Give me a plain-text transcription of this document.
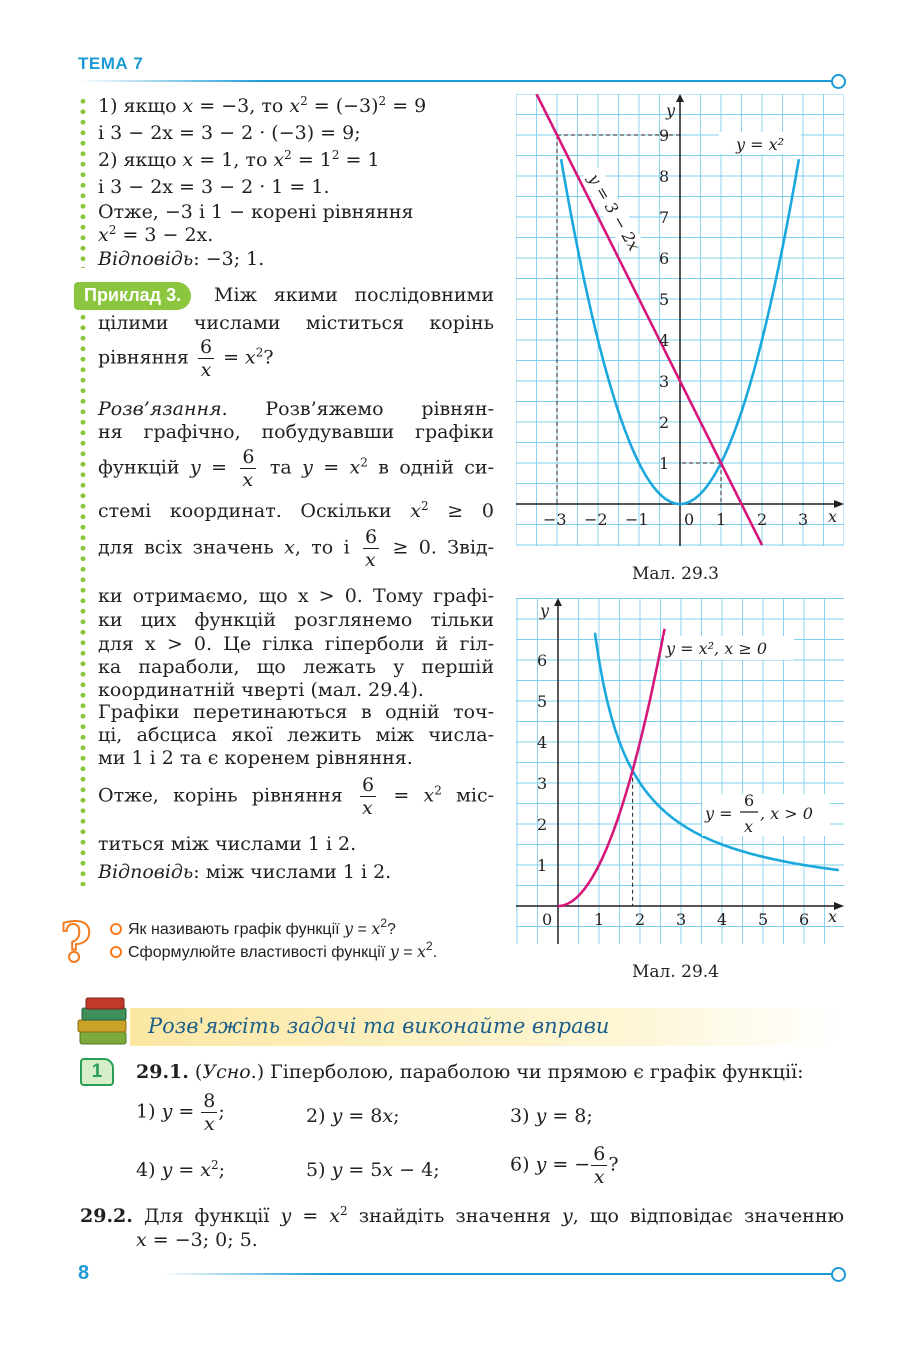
ТЕМА 7
1) якщо x = −3, то $x^2 = (-3)^2 = 9$
і 3 − 2x = 3 − 2 · (−3) = 9;
2) якщо x = 1, то $x^2 = 1^2 = 1$
і 3 − 2x = 3 − 2 · 1 = 1.
Отже, −3 і 1 − корені рівняння
$x^2 = 3 - 2x$.
Відповідь: −3; 1.
Приклад 3.	Між якими послідовними
цілими числами міститься корінь
рівняння $\frac{6}{x} = x^2$?
Розв’язання. Розв’яжемо рівнян-
ня графічно, побудувавши графіки
функцій $y = \frac{6}{x}$ та $y = x^2$ в одній си-
стемі координат. Оскільки $x^2 \ge 0$
для всіх значень x, то і $\frac{6}{x} \ge 0$. Звід-
ки отримаємо, що x > 0. Тому графі-
ки цих функцій розглянемо тільки
для x > 0. Це гілка гіперболи й гіл-
ка параболи, що лежать у першій
координатній чверті (мал. 29.4).
Графіки перетинаються в одній точ-
ці, абсциса якої лежить між числа-
ми 1 і 2 та є коренем рівняння.
Отже, корінь рівняння $\frac{6}{x} = x^2$ міс-
титься між числами 1 і 2.
Відповідь: між числами 1 і 2.
?	Як називають графік функції $y = x^2$?
Сформулюйте властивості функції $y = x^2$.
−3 −2 −1	1 2 3
1
2
3
4
5
6
7
8
9	y = x²
y = 3 − 2x
y
x
0
Мал. 29.3
1 2 3 4 5 6
1
2
3
4
5
6
y = x², x ≥ 0
y =
6
x
, x > 0
y
x
0
Мал. 29.4
Розв'яжіть задачі та виконайте вправи
1	29.1. (Усно.) Гіперболою, параболою чи прямою є графік функції:
1) $y = \frac{8}{x}$ ;	2) y = 8x;	3) y = 8;
4) $y = x^2$;	5) y = 5x − 4;	6) y = − $\frac{6}{x}$ ?
29.2. Для функції $y = x^2$ знайдіть значення y, що відповідає значенню
x = −3; 0; 5.
8
